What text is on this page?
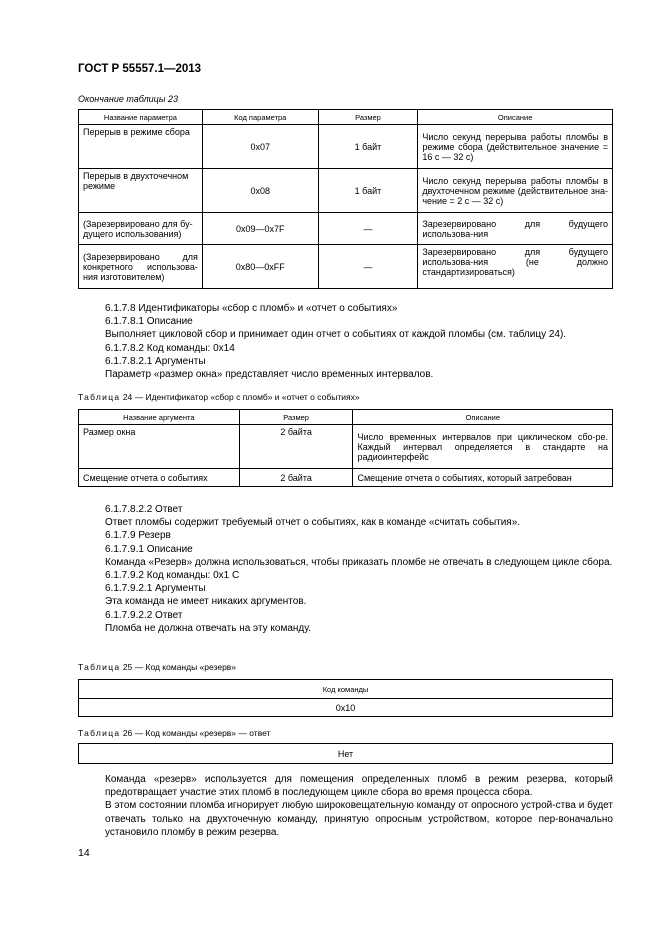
ГОСТ Р 55557.1—2013
Окончание таблицы 23
Название параметра	Код параметра	Размер	Описание
Перерыв в режиме сбора	0x07	1 байт	Число секунд перерыва работы пломбы в режиме сбора (действительное значение = 16 с — 32 с)
Перерыв в двухточечном режиме	0x08	1 байт	Число секунд перерыва работы пломбы в двухточечном режиме (действительное зна-чение = 2 с — 32 с)
(Зарезервировано для бу-дущего использования)	0x09—0x7F	—	Зарезервировано для будущего использова-ния
(Зарезервировано для конкретного использова-ния изготовителем)	0x80—0xFF	—	Зарезервировано для будущего использова-ния (не должно стандартизироваться)

6.1.7.8 Идентификаторы «сбор с пломб» и «отчет о событиях»

6.1.7.8.1 Описание

Выполняет цикловой сбор и принимает один отчет о событиях от каждой пломбы (см. таблицу 24).

6.1.7.8.2 Код команды: 0x14

6.1.7.8.2.1 Аргументы

Параметр «размер окна» представляет число временных интервалов.

Таблица 24 — Идентификатор «сбор с пломб» и «отчет о событиях»
Название аргумента	Размер	Описание
Размер окна	2 байта	Число временных интервалов при циклическом сбо-ре. Каждый интервал определяется в стандарте на радиоинтерфейс
Смещение отчета о событиях	2 байта	Смещение отчета о событиях, который затребован

6.1.7.8.2.2 Ответ

Ответ пломбы содержит требуемый отчет о событиях, как в команде «считать события».

6.1.7.9 Резерв

6.1.7.9.1 Описание

Команда «Резерв» должна использоваться, чтобы приказать пломбе не отвечать в следующем цикле сбора.

6.1.7.9.2 Код команды: 0x1 C

6.1.7.9.2.1 Аргументы

Эта команда не имеет никаких аргументов.

6.1.7.9.2.2 Ответ

Пломба не должна отвечать на эту команду.

Таблица 25 — Код команды «резерв»
Код команды
0x10
Таблица 26 — Код команды «резерв» — ответ
Нет

Команда «резерв» используется для помещения определенных пломб в режим резерва, который предотвращает участие этих пломб в последующем цикле сбора во время процесса сбора.

В этом состоянии пломба игнорирует любую широковещательную команду от опросного устрой-ства и будет отвечать только на двухточечную команду, принятую опросным устройством, которое пер-воначально установило пломбу в режим резерва.

14
